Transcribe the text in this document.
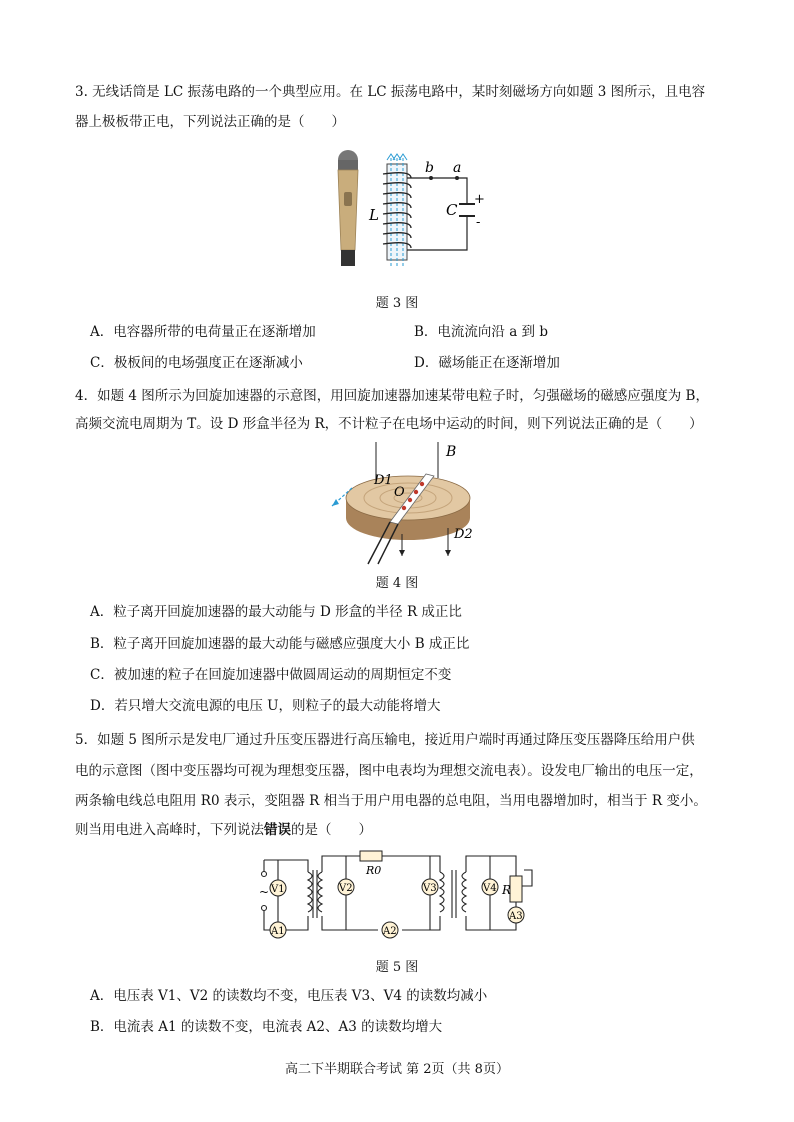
3. 无线话筒是 LC 振荡电路的一个典型应用。在 LC 振荡电路中，某时刻磁场方向如题 3 图所示，且电容
器上极板带正电，下列说法正确的是（　　）
b a
L	C
+
-
题 3 图
A．电容器所带的电荷量正在逐渐增加	B．电流流向沿 a 到 b
C．极板间的电场强度正在逐渐减小	D．磁场能正在逐渐增加
4．如题 4 图所示为回旋加速器的示意图，用回旋加速器加速某带电粒子时，匀强磁场的磁感应强度为 B，
高频交流电周期为 T。设 D 形盒半径为 R，不计粒子在电场中运动的时间，则下列说法正确的是（　　）
B
D1
O
D2
题 4 图
A．粒子离开回旋加速器的最大动能与 D 形盒的半径 R 成正比
B．粒子离开回旋加速器的最大动能与磁感应强度大小 B 成正比
C．被加速的粒子在回旋加速器中做圆周运动的周期恒定不变
D．若只增大交流电源的电压 U，则粒子的最大动能将增大
5．如题 5 图所示是发电厂通过升压变压器进行高压输电，接近用户端时再通过降压变压器降压给用户供
电的示意图（图中变压器均可视为理想变压器，图中电表均为理想交流电表）。设发电厂输出的电压一定，
两条输电线总电阻用 R0 表示，变阻器 R 相当于用户用电器的总电阻，当用电器增加时，相当于 R 变小。
则当用电进入高峰时，下列说法错误的是（　　）
V1	V2	V3	V4
A1	A2
A3
R0
R
~
题 5 图
A．电压表 V1、V2 的读数均不变，电压表 V3、V4 的读数均减小
B．电流表 A1 的读数不变，电流表 A2、A3 的读数均增大
高二下半期联合考试 第 2页（共 8页）
